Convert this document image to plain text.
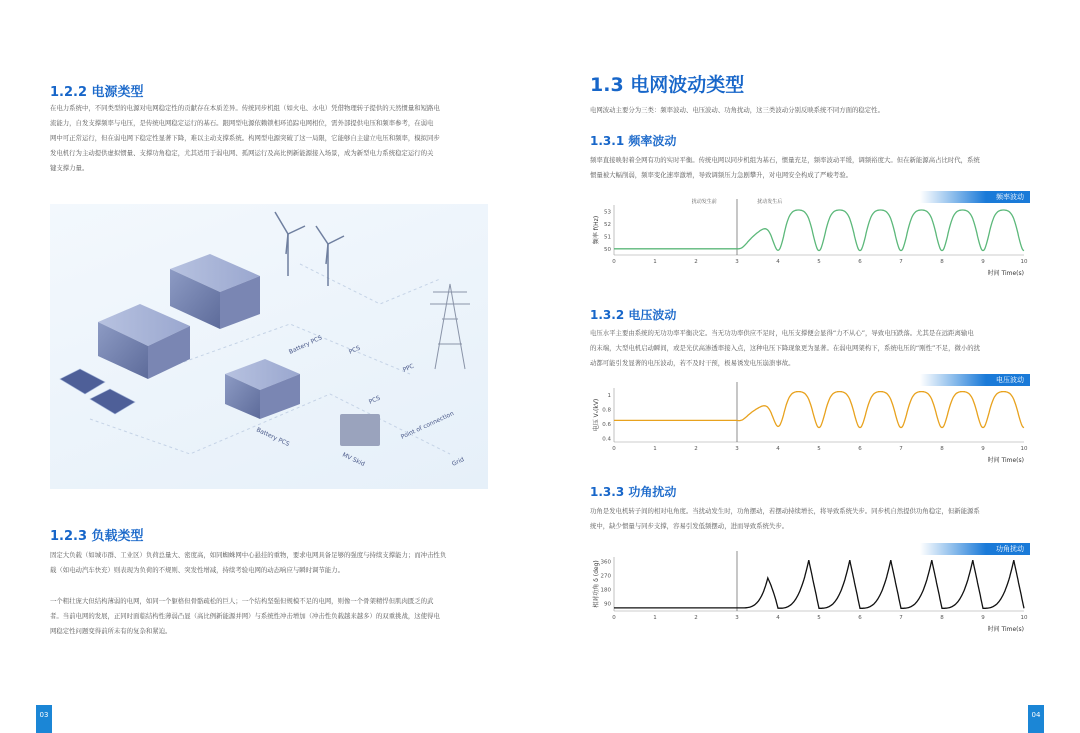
1.2.2 电源类型
在电力系统中，不同类型的电源对电网稳定性的贡献存在本质差异。传统同步机组（如火电、水电）凭借物理转子提供的天然惯量和短路电
流能力，自发支撑频率与电压，是传统电网稳定运行的基石。跟网型电源依赖锁相环追踪电网相位，需外部提供电压和频率参考，在弱电
网中可正常运行，但在弱电网下稳定性显著下降，难以主动支撑系统。构网型电源突破了这一局限，它能够自主建立电压和频率，模拟同步
发电机行为主动提供虚拟惯量、支撑功角稳定，尤其适用于弱电网、孤网运行及高比例新能源接入场景，成为新型电力系统稳定运行的关
键支撑力量。
Battery PCS
Battery PCS
PCS
PCS
MV Skid
Point of connection
Grid
PPC
1.2.3 负载类型
固定大负载（如城市群、工业区）负荷总量大、密度高，如同蜘蛛网中心悬挂的重物，要求电网具备足够的强度与持续支撑能力；而冲击性负
载（如电动汽车快充）则表现为负荷的不规则、突发性增减，持续考验电网的动态响应与瞬时调节能力。
一个粗壮庞大但结构薄弱的电网，如同一个躯格但骨骼疏松的巨人；一个结构坚强但规模不足的电网，则像一个骨架精悍但肌肉匮乏的武
者。当前电网的发展，正同时面临结构性薄弱凸显（高比例新能源并网）与系统性冲击增加（冲击性负载越来越多）的双重挑战，这使得电
网稳定性问题变得前所未有的复杂和紧迫。
03
1.3 电网波动类型
电网波动主要分为三类：频率波动、电压波动、功角扰动，这三类波动分别反映系统不同方面的稳定性。
1.3.1 频率波动
频率直接映射着全网有功的实时平衡。传统电网以同步机组为基石，惯量充足，频率波动平缓，调频裕度大。但在新能源高占比时代，系统
惯量被大幅削弱，频率变化速率激增，导致调频压力急剧攀升，对电网安全构成了严峻考验。
频率波动
0	1	2	3	4	5	6	7	8	9	10
50
51
52
53
频率 f(Hz)
时间 Time(s)
扰动发生前	扰动发生后
1.3.2 电压波动
电压水平主要由系统的无功功率平衡决定。当无功功率供应不足时，电压支撑便会显得“力不从心”，导致电压跌落。尤其是在远距离输电
的末端，大型电机启动瞬间，或是光伏高渗透率接入点，这种电压下降现象更为显著。在弱电网架构下，系统电压的“刚性”不足，微小的扰
动都可能引发显著的电压波动，若不及时干预，极易诱发电压崩溃事故。
电压波动
0	1	2	3	4	5	6	7	8	9	10
0.4
0.6
0.8
1
电压 Vₛ(kV)
时间 Time(s)
1.3.3 功角扰动
功角是发电机转子间的相对电角度。当扰动发生时，功角摆动，若摆动持续增长，将导致系统失步。同步机自然提供功角稳定，但新能源系
统中，缺少惯量与同步支撑，容易引发低频摆动，进而导致系统失步。
功角扰动
0	1	2	3	4	5	6	7	8	9	10
90
180
270
360
相对功角 δ (deg)
时间 Time(s)
04
